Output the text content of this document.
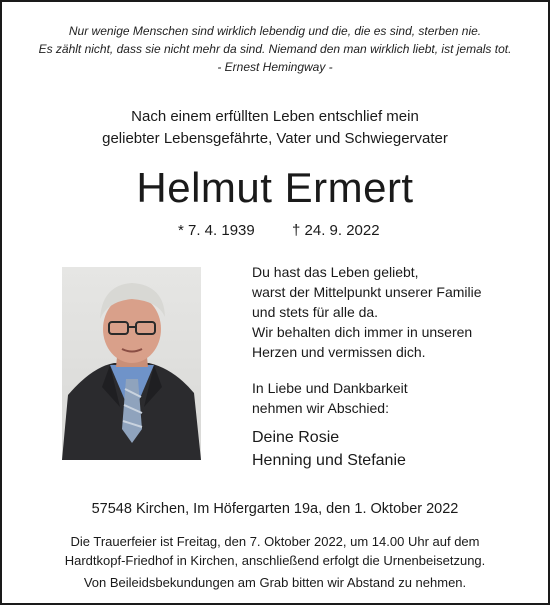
Nur wenige Menschen sind wirklich lebendig und die, die es sind, sterben nie.
Es zählt nicht, dass sie nicht mehr da sind. Niemand den man wirklich liebt, ist jemals tot.
- Ernest Hemingway -
Nach einem erfüllten Leben entschlief mein
geliebter Lebensgefährte, Vater und Schwiegervater
Helmut Ermert
* 7. 4. 1939 † 24. 9. 2022
Du hast das Leben geliebt,
warst der Mittelpunkt unserer Familie
und stets für alle da.
Wir behalten dich immer in unseren
Herzen und vermissen dich.
In Liebe und Dankbarkeit
nehmen wir Abschied:
Deine Rosie
Henning und Stefanie
57548 Kirchen, Im Höfergarten 19a, den 1. Oktober 2022
Die Trauerfeier ist Freitag, den 7. Oktober 2022, um 14.00 Uhr auf dem
Hardtkopf-Friedhof in Kirchen, anschließend erfolgt die Urnenbeisetzung.
Von Beileidsbekundungen am Grab bitten wir Abstand zu nehmen.
